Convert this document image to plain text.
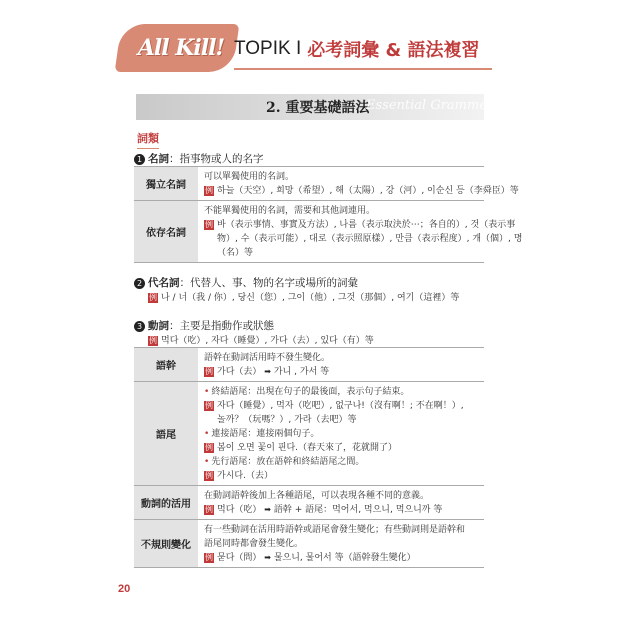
All Kill! TOPIK I 必考詞彙 & 語法複習
2. 重要基礎語法
Essential Grammer
詞類
1 名詞：指事物或人的名字
獨立名詞
可以單獨使用的名詞。
例 하늘（天空）, 희망（希望）, 해（太陽）, 강（河）, 이순신 등（李舜臣）等
依存名詞
不能單獨使用的名詞，需要和其他詞連用。
例 바（表示事情、事實及方法）, 나름（表示取決於⋯；各自的）, 것（表示事
物）, 수（表示可能）, 대로（表示照原樣）, 만큼（表示程度）, 개（個）, 명
（名）等
2 代名詞：代替人、事、物的名字或場所的詞彙
例 나 / 너（我 / 你）, 당신（您）, 그이（他）, 그것（那個）, 여기（這裡）等
3 動詞：主要是指動作或狀態
例 먹다（吃）, 자다（睡覺）, 가다（去）, 있다（有）等
語幹
語幹在動詞活用時不發生變化。
例 가다（去） ➡ 가니 , 가서 等
語尾
• 終結語尾：出現在句子的最後面，表示句子結束。
例 자다（睡覺）, 먹자（吃吧）, 없구나!（沒有啊！; 不在啊！）,
놀까？（玩嗎？）, 가라（去吧）等
• 連接語尾：連接兩個句子。
例 봄이 오면 꽃이 핀다.（春天來了，花就開了）
• 先行語尾：放在語幹和終結語尾之間。
例 가시다.（去）
動詞的活用
在動詞語幹後加上各種語尾，可以表現各種不同的意義。
例 먹다（吃） ➡ 語幹 + 語尾：먹어서, 먹으니, 먹으니까 等
不規則變化
有一些動詞在活用時語幹或語尾會發生變化；有些動詞則是語幹和
語尾同時都會發生變化。
例 묻다（問） ➡ 물으니, 물어서 等（語幹發生變化）
20
